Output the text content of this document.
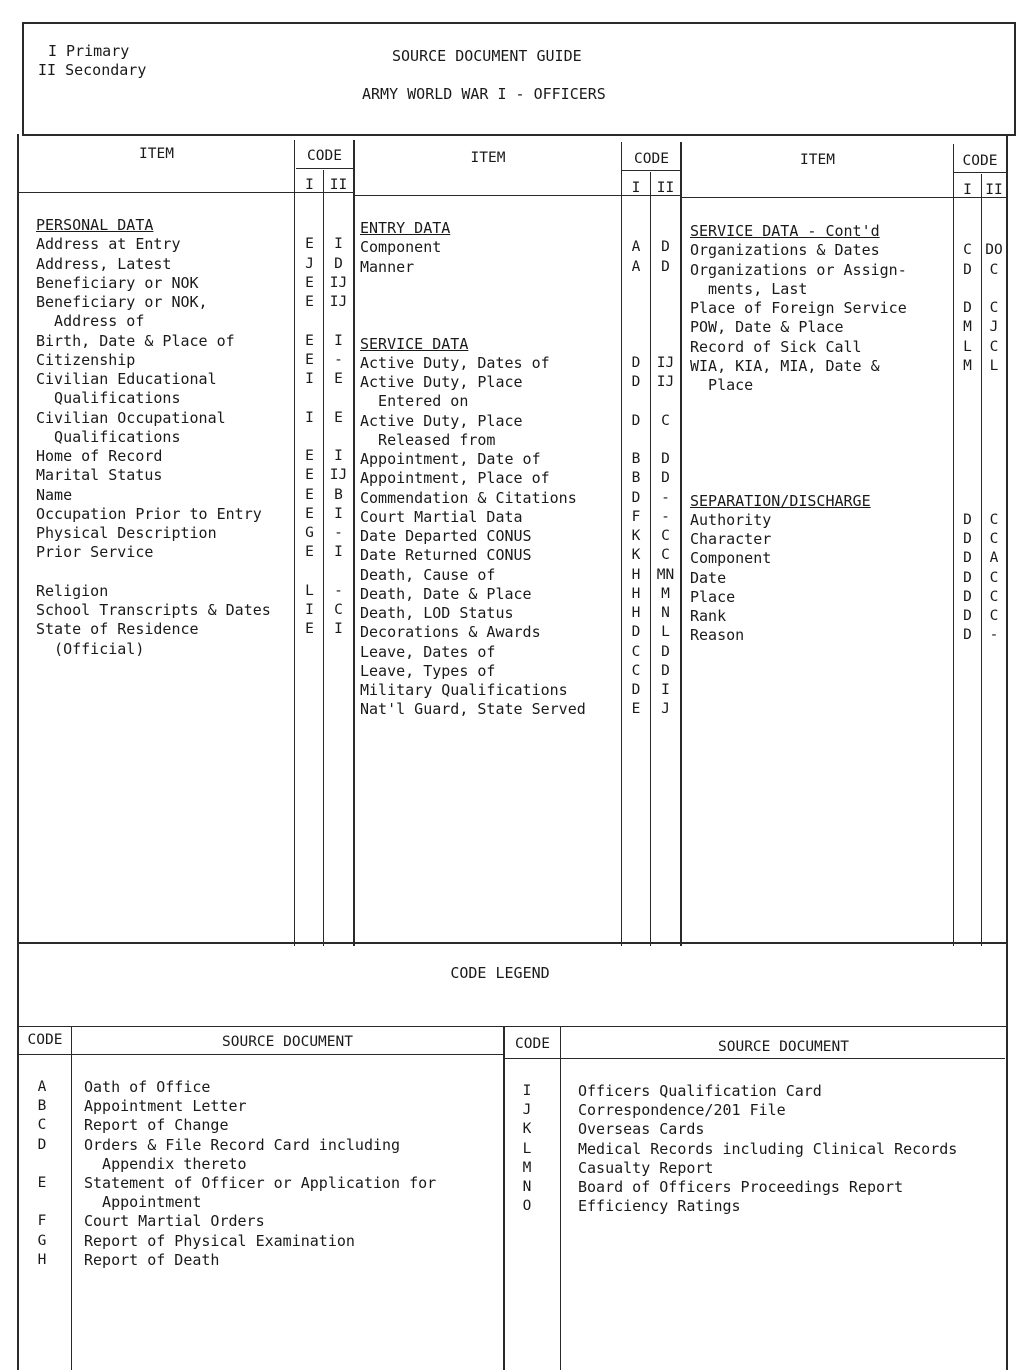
I Primary
II Secondary
SOURCE DOCUMENT GUIDE
ARMY WORLD WAR I - OFFICERS
ITEM	CODE
I	II
ITEM	CODE
I	II
ITEM	CODE
I II
PERSONAL DATA
Address at Entry	E	I
Address, Latest	J	D
Beneficiary or NOK	E	IJ
Beneficiary or NOK,	E	IJ
Address of
Birth, Date & Place of	E	I
Citizenship	E	-
Civilian Educational	I	E
Qualifications
Civilian Occupational	I	E
Qualifications
Home of Record	E	I
Marital Status	E	IJ
Name	E	B
Occupation Prior to Entry	E	I
Physical Description	G	-
Prior Service	E	I
Religion	L	-
School Transcripts & Dates	I	C
State of Residence	E	I
(Official)
ENTRY DATA
Component	A	D
Manner	A	D
SERVICE DATA
Active Duty, Dates of	D	IJ
Active Duty, Place	D	IJ
Entered on
Active Duty, Place	D	C
Released from
Appointment, Date of	B	D
Appointment, Place of	B	D
Commendation & Citations	D	-
Court Martial Data	F	-
Date Departed CONUS	K	C
Date Returned CONUS	K	C
Death, Cause of	H	MN
Death, Date & Place	H	M
Death, LOD Status	H	N
Decorations & Awards	D	L
Leave, Dates of	C	D
Leave, Types of	C	D
Military Qualifications	D	I
Nat'l Guard, State Served	E	J
SERVICE DATA - Cont'd
Organizations & Dates	C DO
Organizations or Assign-	D	C
ments, Last
Place of Foreign Service	D	C
POW, Date & Place	M	J
Record of Sick Call	L	C
WIA, KIA, MIA, Date &	M	L
Place
SEPARATION/DISCHARGE
Authority	D	C
Character	D	C
Component	D	A
Date	D	C
Place	D	C
Rank	D	C
Reason	D	-
CODE LEGEND
CODE	SOURCE DOCUMENT	CODE	SOURCE DOCUMENT
A	Oath of Office
B	Appointment Letter
C	Report of Change
D	Orders & File Record Card including
Appendix thereto
E	Statement of Officer or Application for
Appointment
F	Court Martial Orders
G	Report of Physical Examination
H	Report of Death
I	Officers Qualification Card
J	Correspondence/201 File
K	Overseas Cards
L	Medical Records including Clinical Records
M	Casualty Report
N	Board of Officers Proceedings Report
O	Efficiency Ratings
